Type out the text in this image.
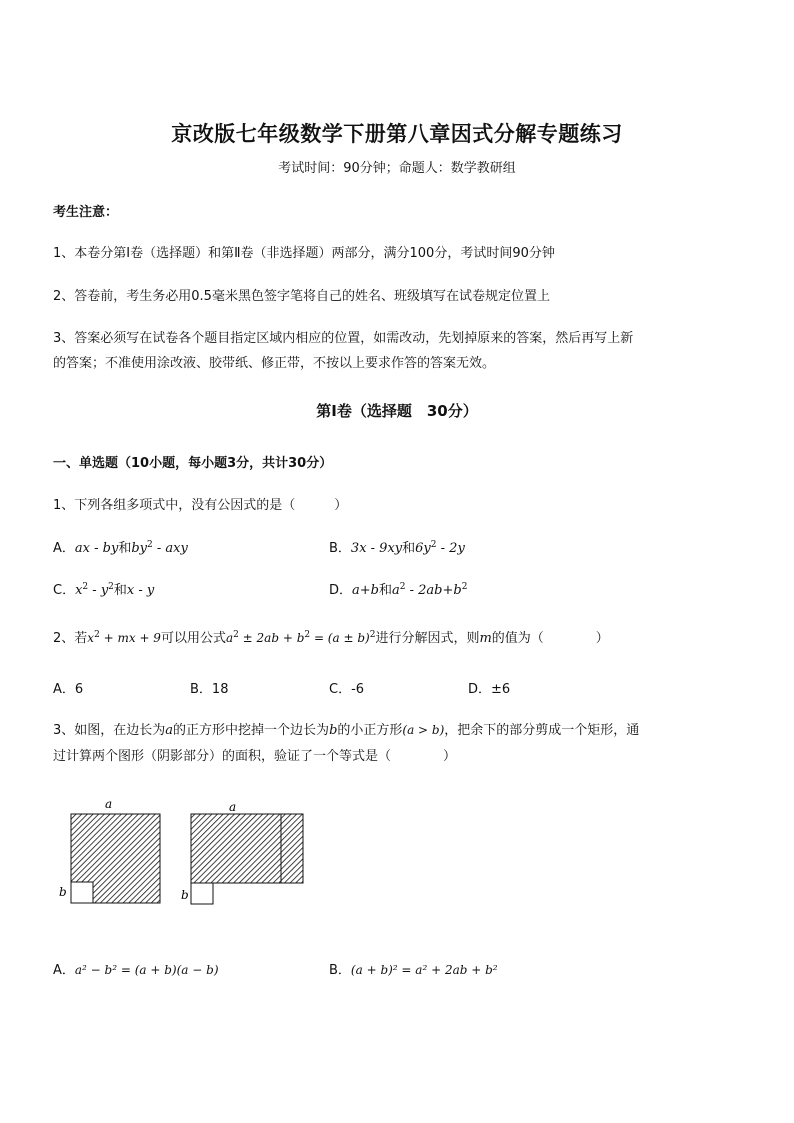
京改版七年级数学下册第八章因式分解专题练习
考试时间：90分钟；命题人：数学教研组
考生注意：
1、本卷分第Ⅰ卷（选择题）和第Ⅱ卷（非选择题）两部分，满分100分，考试时间90分钟
2、答卷前，考生务必用0.5毫米黑色签字笔将自己的姓名、班级填写在试卷规定位置上
3、答案必须写在试卷各个题目指定区域内相应的位置，如需改动，先划掉原来的答案，然后再写上新
的答案；不准使用涂改液、胶带纸、修正带，不按以上要求作答的答案无效。
第Ⅰ卷（选择题　30分）
一、单选题（10小题，每小题3分，共计30分）
1、下列各组多项式中，没有公因式的是（　　　）
A．ax - by和$by^2$ - axy	B．3x - 9xy和$6y^2 - 2y$
C．$x^2 - y^2$和x - y	D．a+b和$a^2 - 2ab+b^2$
2、若$x^2$ + mx + 9可以用公式$a^2 \pm 2ab + b^2 = (a \pm b)^2$进行分解因式，则m的值为（　　　　）
A．6	B．18	C．-6	D．±6
3、如图，在边长为a的正方形中挖掉一个边长为b的小正方形(a > b)，把余下的部分剪成一个矩形，通
过计算两个图形（阴影部分）的面积，验证了一个等式是（　　　　）
a
b
a
b
A．a² − b² = (a + b)(a − b)	B．(a + b)² = a² + 2ab + b²
